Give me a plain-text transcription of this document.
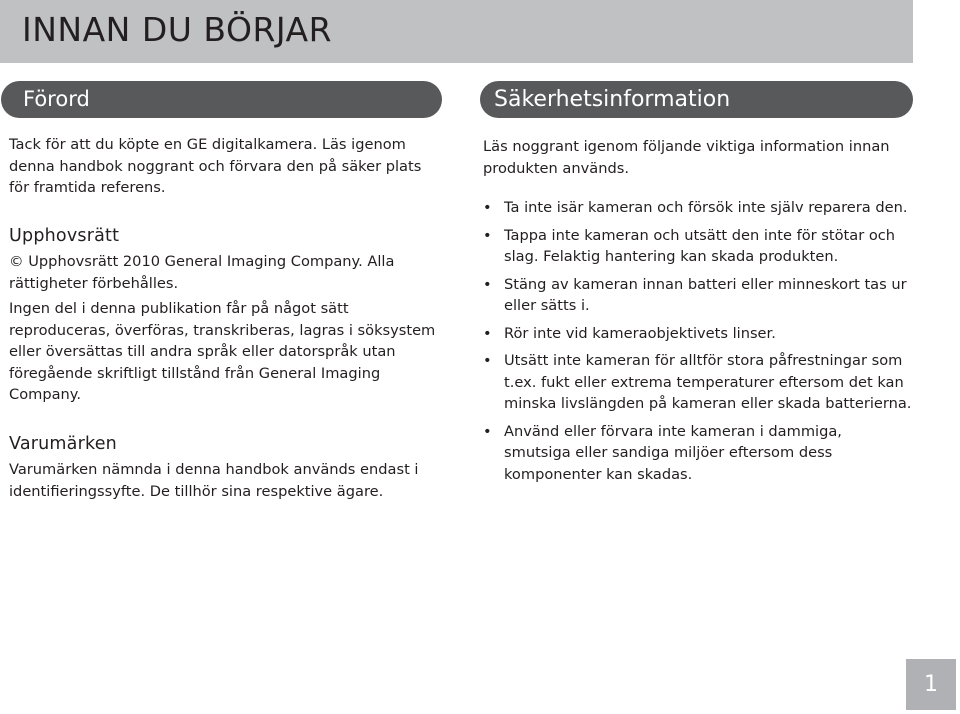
INNAN DU BÖRJAR
Förord	Säkerhetsinformation

Tack för att du köpte en GE digitalkamera. Läs igenom denna handbok noggrant och förvara den på säker plats för framtida referens.

Upphovsrätt

© Upphovsrätt 2010 General Imaging Company. Alla rättigheter förbehålles.

Ingen del i denna publikation får på något sätt reproduceras, överföras, transkriberas, lagras i söksystem eller översättas till andra språk eller datorspråk utan föregående skriftligt tillstånd från General Imaging Company.

Varumärken

Varumärken nämnda i denna handbok används endast i identifieringssyfte. De tillhör sina respektive ägare.

Läs noggrant igenom följande viktiga information innan produkten används.

• Ta inte isär kameran och försök inte själv reparera den.
• Tappa inte kameran och utsätt den inte för stötar och slag. Felaktig hantering kan skada produkten.
• Stäng av kameran innan batteri eller minneskort tas ur eller sätts i.
• Rör inte vid kameraobjektivets linser.
• Utsätt inte kameran för alltför stora påfrestningar som t.ex. fukt eller extrema temperaturer eftersom det kan minska livslängden på kameran eller skada batterierna.
• Använd eller förvara inte kameran i dammiga, smutsiga eller sandiga miljöer eftersom dess komponenter kan skadas.
1
